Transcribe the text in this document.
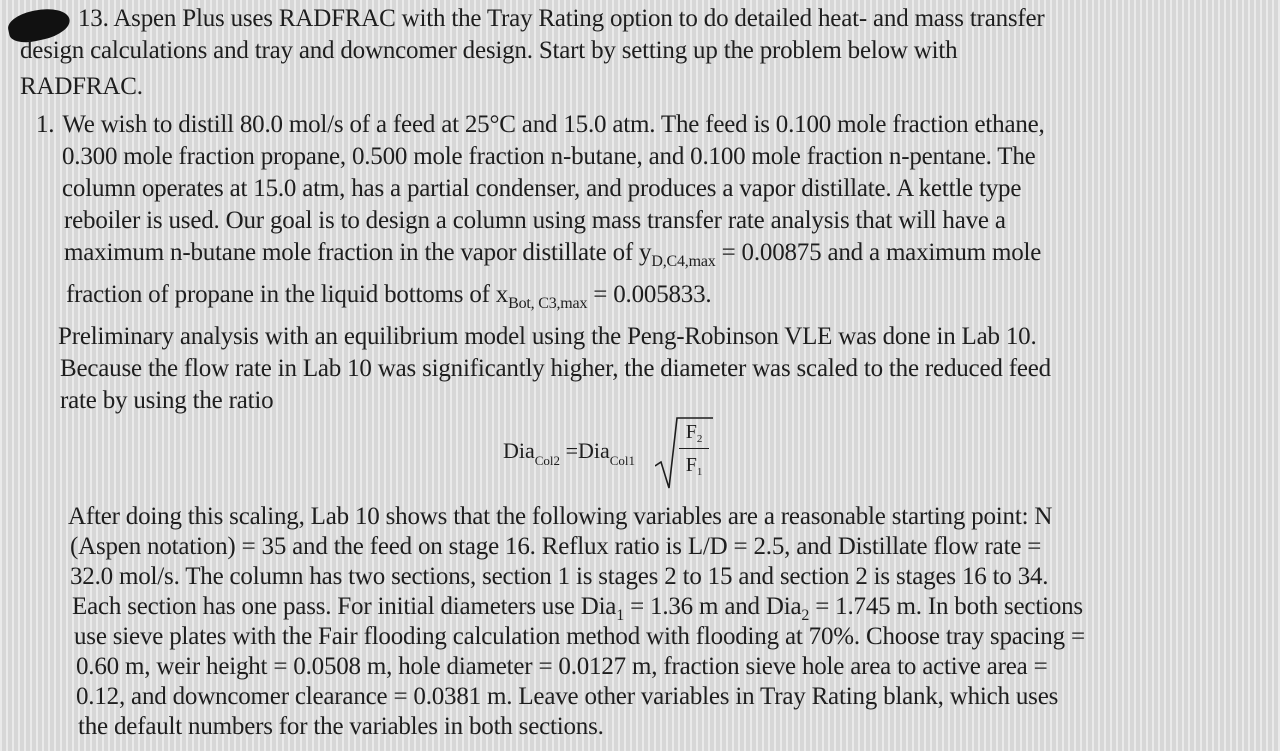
13. Aspen Plus uses RADFRAC with the Tray Rating option to do detailed heat- and mass transfer
design calculations and tray and downcomer design. Start by setting up the problem below with
RADFRAC.
1. We wish to distill 80.0 mol/s of a feed at 25°C and 15.0 atm. The feed is 0.100 mole fraction ethane,
0.300 mole fraction propane, 0.500 mole fraction n-butane, and 0.100 mole fraction n-pentane. The
column operates at 15.0 atm, has a partial condenser, and produces a vapor distillate. A kettle type
reboiler is used. Our goal is to design a column using mass transfer rate analysis that will have a
maximum n-butane mole fraction in the vapor distillate of $y_{D,C4,max} = 0.00875$ and a maximum mole
fraction of propane in the liquid bottoms of $x_{Bot, C3,max} = 0.005833$.
Preliminary analysis with an equilibrium model using the Peng-Robinson VLE was done in Lab 10.
Because the flow rate in Lab 10 was significantly higher, the diameter was scaled to the reduced feed
rate by using the ratio
Dia$_{Col2}$ =Dia$_{Col1}$
$F_2$
$F_1$
After doing this scaling, Lab 10 shows that the following variables are a reasonable starting point: N
(Aspen notation) = 35 and the feed on stage 16. Reflux ratio is L/D = 2.5, and Distillate flow rate =
32.0 mol/s. The column has two sections, section 1 is stages 2 to 15 and section 2 is stages 16 to 34.
Each section has one pass. For initial diameters use Dia$_1$ = 1.36 m and Dia$_2$ = 1.745 m. In both sections
use sieve plates with the Fair flooding calculation method with flooding at 70%. Choose tray spacing =
0.60 m, weir height = 0.0508 m, hole diameter = 0.0127 m, fraction sieve hole area to active area =
0.12, and downcomer clearance = 0.0381 m. Leave other variables in Tray Rating blank, which uses
the default numbers for the variables in both sections.
